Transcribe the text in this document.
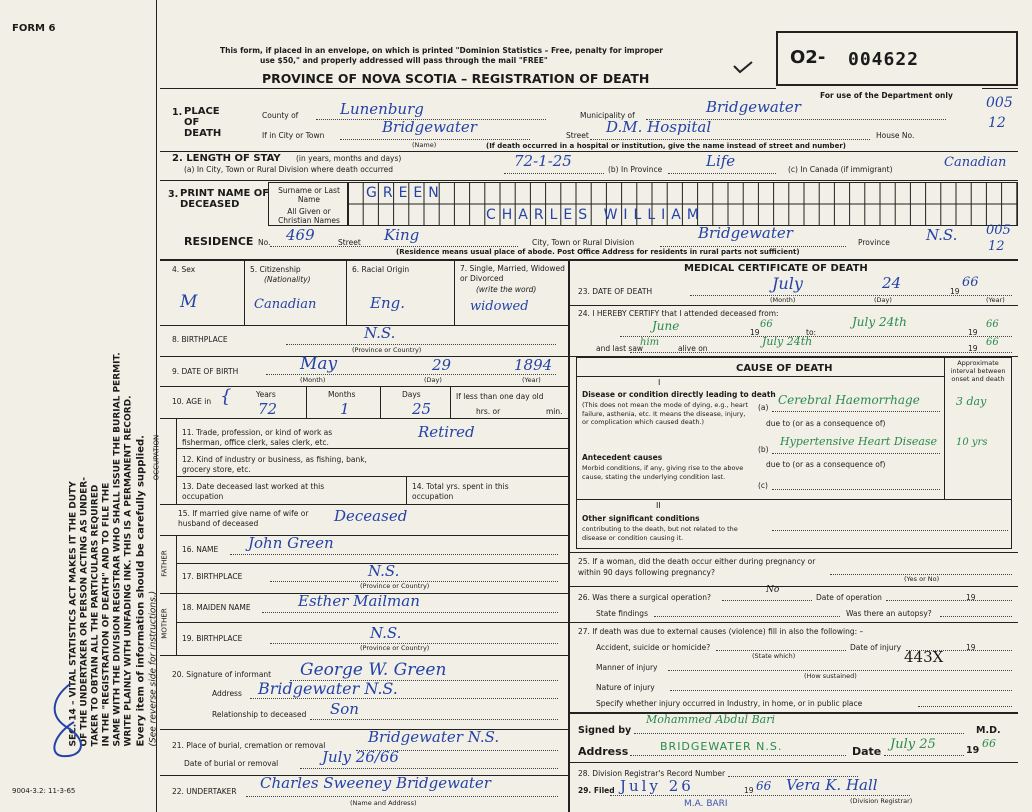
FORM 6
SEC. 14 – VITAL STATISTICS ACT MAKES IT THE DUTY OF THE UNDERTAKER OR PERSON ACTING AS UNDER- TAKER TO OBTAIN ALL THE PARTICULARS REQUIRED IN THE "REGISTRATION OF DEATH" AND TO FILE THE SAME WITH THE DIVISION REGISTRAR WHO SHALL ISSUE THE BURIAL PERMIT. WRITE PLAINLY WITH UNFADING INK. THIS IS A PERMANENT RECORD. Every item of information should be carefully supplied. (See reverse side for instructions.)
9004-3.2: 11-3-65
This form, if placed in an envelope, on which is printed "Dominion Statistics – Free, penalty for improper
use $50," and properly addressed will pass through the mail "FREE"
PROVINCE OF NOVA SCOTIA – REGISTRATION OF DEATH
O2- 004622
For use of the Department only
1. PLACE OF DEATH
County of	Lunenburg	Municipality of	Bridgewater	005
If in City or Town	Bridgewater
(Name)
Street D.M. Hospital	House No.
12
(If death occurred in a hospital or institution, give the name instead of street and number)
2. LENGTH OF STAY (in years, months and days)
(a) In City, Town or Rural Division where death occurred	72-1-25	(b) In Province	Life	(c) In Canada (if immigrant)	Canadian
3. PRINT NAME OF DECEASED
Surname or Last Name
All Given or Christian Names
GREEN
CHARLES WILLIAM
RESIDENCE No. 469	Street King	City, Town or Rural Division
Bridgewater
Province N.S. 005
12
(Residence means usual place of abode. Post Office Address for residents in rural parts not sufficient)
4. Sex
M
5. Citizenship
(Nationality)
Canadian
6. Racial Origin
Eng.
7. Single, Married, Widowed or Divorced
(write the word)
widowed
8. BIRTHPLACE	N.S.
(Province or Country)
9. DATE OF BIRTH	May	29	1894
(Month)	(Day)	(Year)
10. AGE in {	Years	Months	Days
72	1	25
If less than one day old
hrs. or	min.
OCCUPATION
11. Trade, profession, or kind of work as fisherman, office clerk, sales clerk, etc.
Retired
12. Kind of industry or business, as fishing, bank, grocery store, etc.
13. Date deceased last worked at this occupation
14. Total yrs. spent in this occupation
15. If married give name of wife or husband of deceased	Deceased
FATHER
16. NAME John Green
17. BIRTHPLACE	N.S.
(Province or Country)
MOTHER
18. MAIDEN NAME	Esther Mailman
19. BIRTHPLACE	N.S.
(Province or Country)
20. Signature of informant George W. Green
Address Bridgewater N.S.
Relationship to deceased Son
21. Place of burial, cremation or removal	Bridgewater N.S.
Date of burial or removal	July 26/66
22. UNDERTAKER Charles Sweeney Bridgewater
(Name and Address)
MEDICAL CERTIFICATE OF DEATH
23. DATE OF DEATH	July	24	19
66
(Month)	(Day)	(Year)
24. I HEREBY CERTIFY that I attended deceased from:
June	19
66
to:
July 24th
19
66
and last saw
him
alive on
July 24th
19
66
CAUSE OF DEATH	Approximate interval between onset and death
I
Disease or condition directly leading to death
(This does not mean the mode of dying, e.g., heart failure, asthenia, etc. It means the disease, injury, or complication which caused death.)
(a)
Cerebral Haemorrhage	3 day
due to (or as a consequence of)
Antecedent causes
Morbid conditions, if any, giving rise to the above cause, stating the underlying condition last.
(b)
Hypertensive Heart Disease 10 yrs
due to (or as a consequence of)
(c)
II
Other significant conditions
contributing to the death, but not related to the disease or condition causing it.
25. If a woman, did the death occur either during pregnancy or within 90 days following pregnancy?
(Yes or No)
26. Was there a surgical operation?
No
Date of operation	19
State findings	Was there an autopsy?
27. If death was due to external causes (violence) fill in also the following: –
Accident, suicide or homicide?
(State which)
Date of injury	19
Manner of injury
443X
(How sustained)
Nature of injury
Specify whether injury occurred in Industry, in home, or in public place
Signed by
Mohammed Abdul Bari
M.D.
Address	BRIDGEWATER N.S.	Date July 25	19
66
28. Division Registrar's Record Number
29. Filed July 26	19 66 Vera K. Hall
(Division Registrar)
M.A. BARI
